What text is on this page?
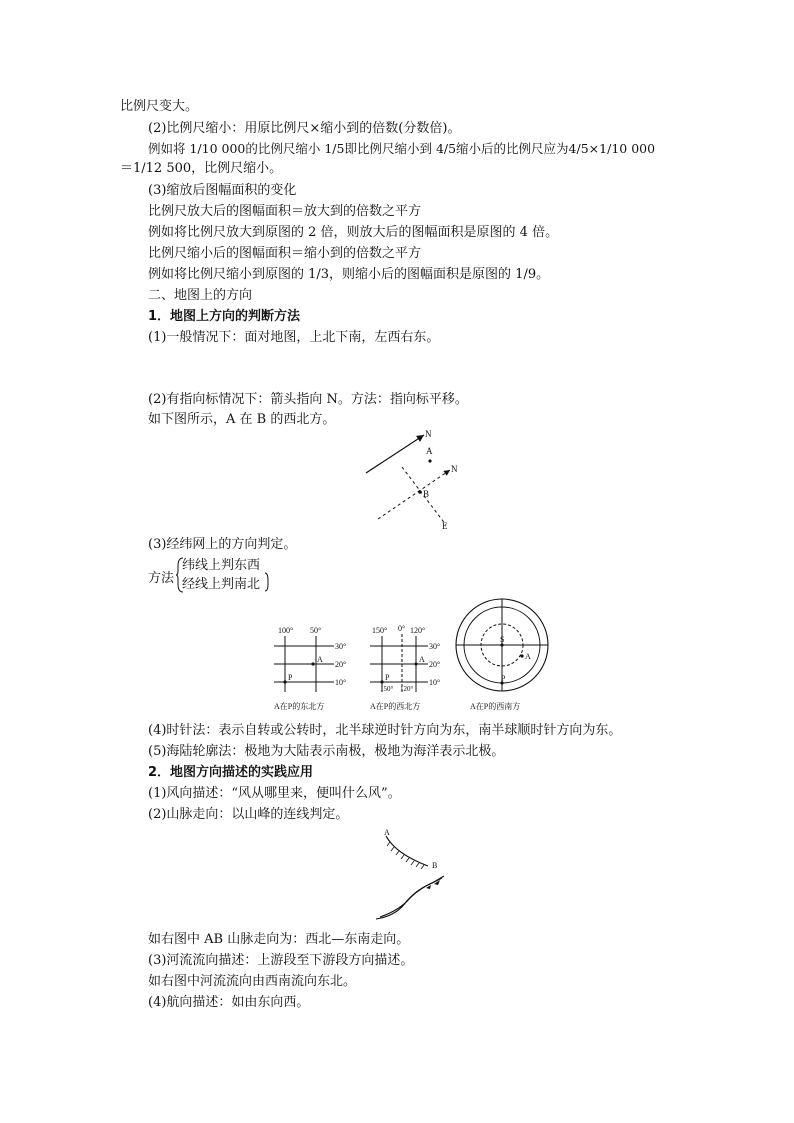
比例尺变大。
(2)比例尺缩小：用原比例尺×缩小到的倍数(分数倍)。
例如将 1/10 000的比例尺缩小 1/5即比例尺缩小到 4/5缩小后的比例尺应为4/5×1/10 000
＝1/12 500，比例尺缩小。
(3)缩放后图幅面积的变化
比例尺放大后的图幅面积＝放大到的倍数之平方
例如将比例尺放大到原图的 2 倍，则放大后的图幅面积是原图的 4 倍。
比例尺缩小后的图幅面积＝缩小到的倍数之平方
例如将比例尺缩小到原图的 1/3，则缩小后的图幅面积是原图的 1/9。
二、地图上的方向
1．地图上方向的判断方法
(1)一般情况下：面对地图，上北下南，左西右东。
(2)有指向标情况下：箭头指向 N。方法：指向标平移。
如下图所示，A 在 B 的西北方。
N
A
N
E
B
(3)经纬网上的方向判定。
方法
纬线上判东西
经线上判南北
100° 50°
30°
20°
10°
A
P
A在P的东北方
150° 0° 120°
30°
20°
10°
A
P
150° 120°
A在P的西北方
S
A
P
A在P的西南方
(4)时针法：表示自转或公转时，北半球逆时针方向为东，南半球顺时针方向为东。
(5)海陆轮廓法：极地为大陆表示南极，极地为海洋表示北极。
2．地图方向描述的实践应用
(1)风向描述：“风从哪里来，便叫什么风”。
(2)山脉走向：以山峰的连线判定。
A
B
如右图中 AB 山脉走向为：西北—东南走向。
(3)河流流向描述：上游段至下游段方向描述。
如右图中河流流向由西南流向东北。
(4)航向描述：如由东向西。
